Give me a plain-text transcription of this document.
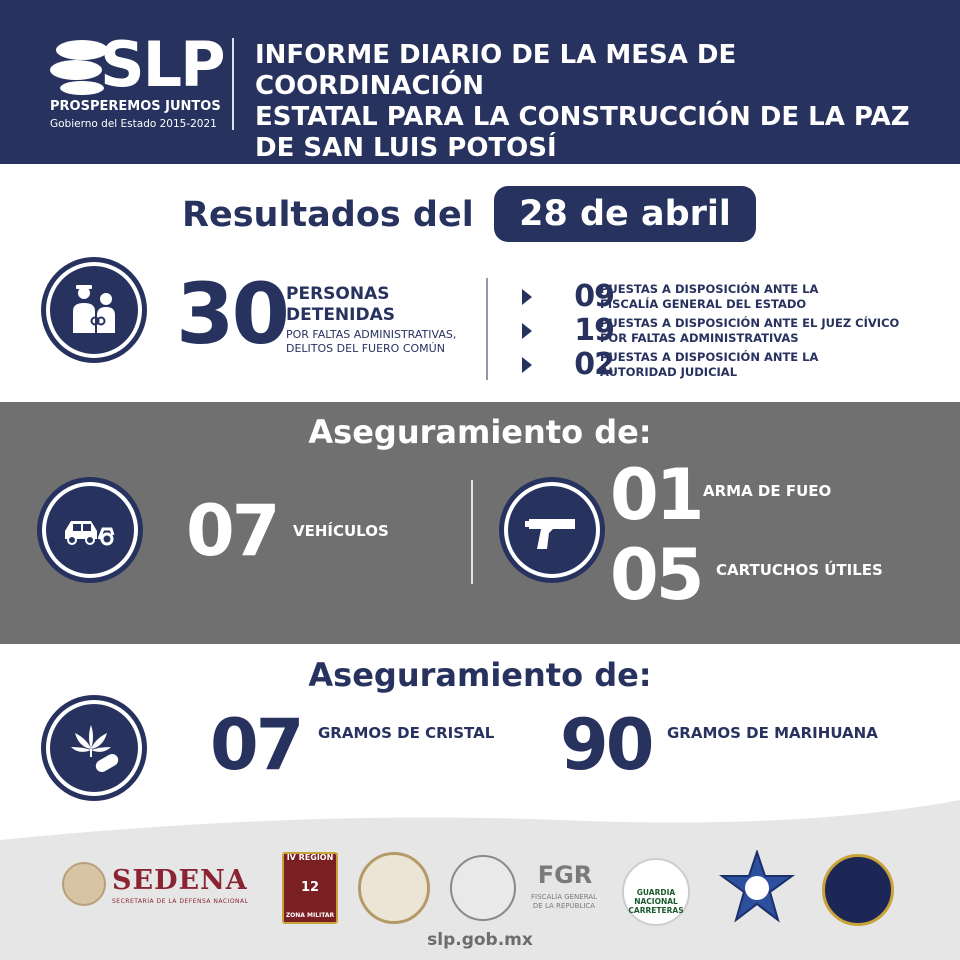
SLP
PROSPEREMOS JUNTOS
Gobierno del Estado 2015-2021
INFORME DIARIO DE LA MESA DE COORDINACIÓN
ESTATAL PARA LA CONSTRUCCIÓN DE LA PAZ
DE SAN LUIS POTOSÍ
Resultados del	28 de abril
30 PERSONAS
DETENIDAS
POR FALTAS ADMINISTRATIVAS,
DELITOS DEL FUERO COMÚN
09
PUESTAS A DISPOSICIÓN ANTE LA
FISCALÍA GENERAL DEL ESTADO
19
PUESTAS A DISPOSICIÓN ANTE EL JUEZ CÍVICO
POR FALTAS ADMINISTRATIVAS
02
PUESTAS A DISPOSICIÓN ANTE LA
AUTORIDAD JUDICIAL
Aseguramiento de:
07 VEHÍCULOS	01 ARMA DE FUEO
05 CARTUCHOS ÚTILES
Aseguramiento de:
07 GRAMOS DE CRISTAL 90 GRAMOS DE MARIHUANA
SEDENA
SECRETARÍA DE LA DEFENSA NACIONAL
IV REGION
12
ZONA MILITAR
FGR
FISCALÍA GENERAL
DE LA REPÚBLICA
GUARDIA
NACIONAL
CARRETERAS
slp.gob.mx
